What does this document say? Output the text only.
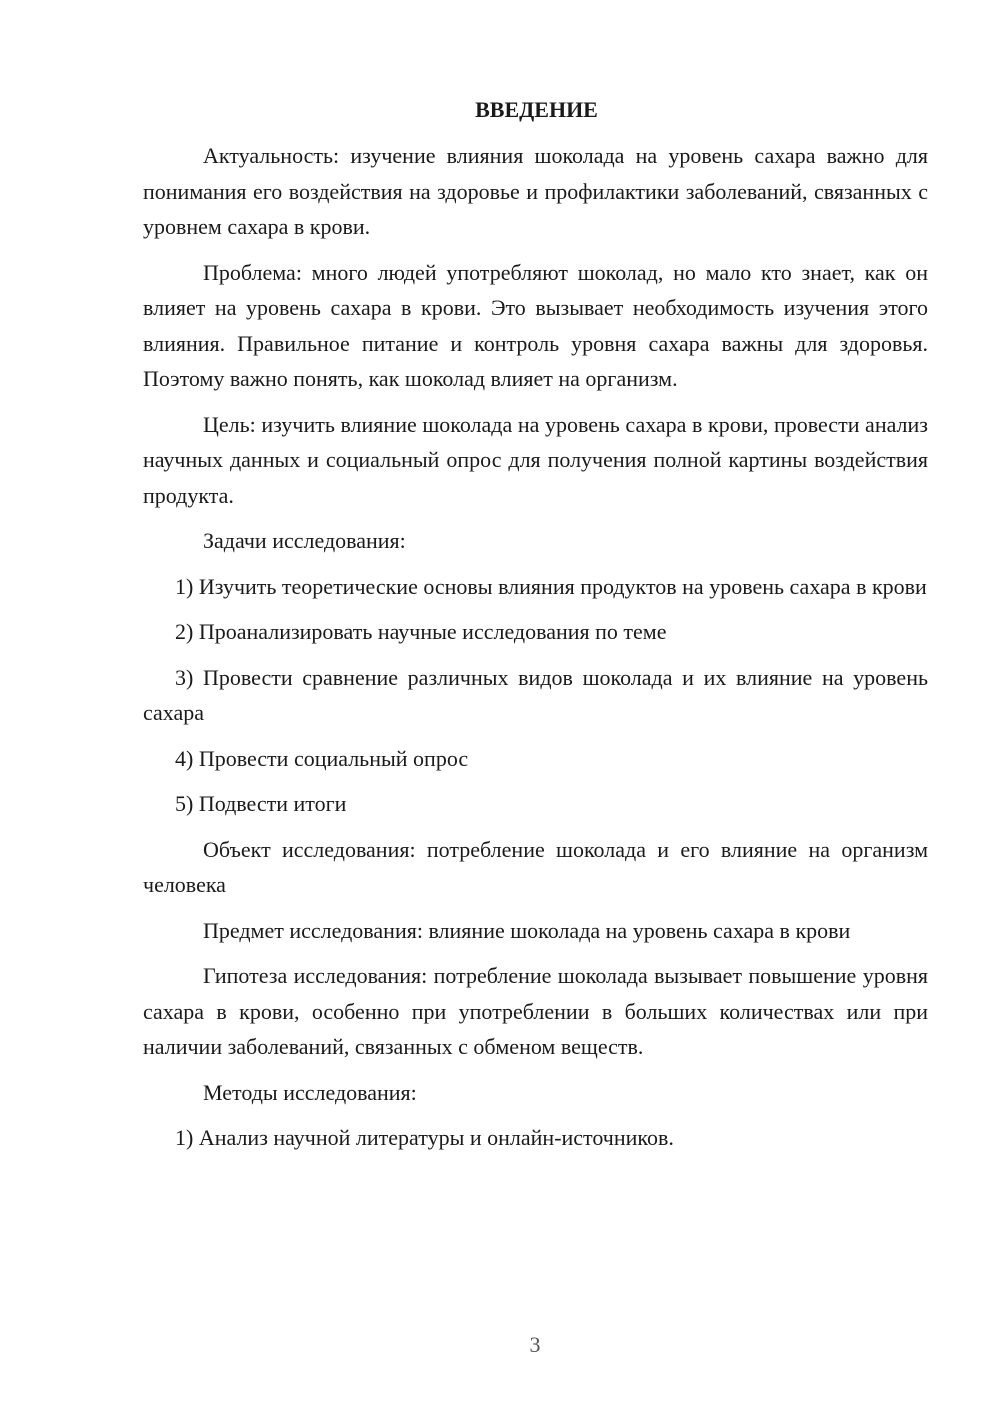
ВВЕДЕНИЕ

Актуальность: изучение влияния шоколада на уровень сахара важно для понимания его воздействия на здоровье и профилактики заболеваний, связанных с уровнем сахара в крови.

Проблема: много людей употребляют шоколад, но мало кто знает, как он влияет на уровень сахара в крови. Это вызывает необходимость изучения этого влияния. Правильное питание и контроль уровня сахара важны для здоровья. Поэтому важно понять, как шоколад влияет на организм.

Цель: изучить влияние шоколада на уровень сахара в крови, провести анализ научных данных и социальный опрос для получения полной картины воздействия продукта.

Задачи исследования:

1) Изучить теоретические основы влияния продуктов на уровень сахара в крови

2) Проанализировать научные исследования по теме

3) Провести сравнение различных видов шоколада и их влияние на уровень сахара

4) Провести социальный опрос

5) Подвести итоги

Объект исследования: потребление шоколада и его влияние на организм человека

Предмет исследования: влияние шоколада на уровень сахара в крови

Гипотеза исследования: потребление шоколада вызывает повышение уровня сахара в крови, особенно при употреблении в больших количествах или при наличии заболеваний, связанных с обменом веществ.

Методы исследования:

1) Анализ научной литературы и онлайн-источников.

3
